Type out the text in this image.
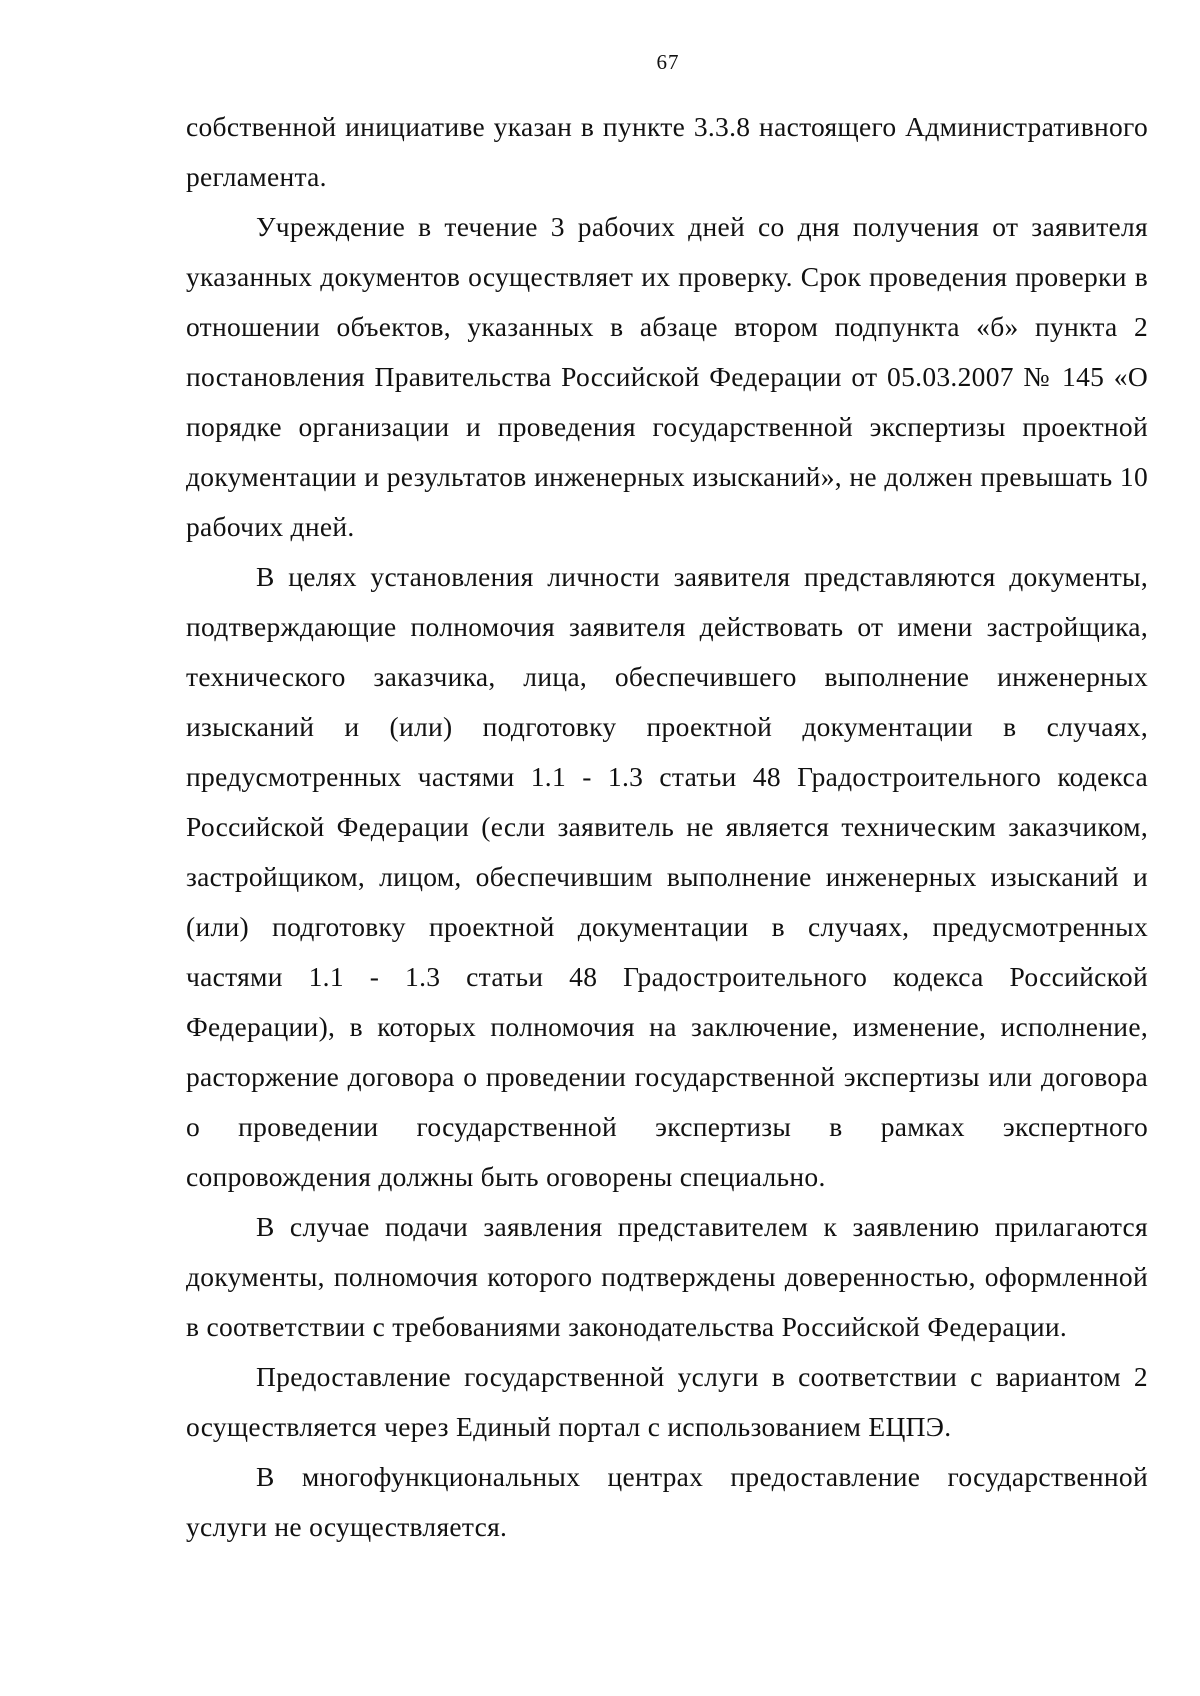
67

собственной инициативе указан в пункте 3.3.8 настоящего Административного регламента.

Учреждение в течение 3 рабочих дней со дня получения от заявителя указанных документов осуществляет их проверку. Срок проведения проверки в отношении объектов, указанных в абзаце втором подпункта «б» пункта 2 постановления Правительства Российской Федерации от 05.03.2007 № 145 «О порядке организации и проведения государственной экспертизы проектной документации и результатов инженерных изысканий», не должен превышать 10 рабочих дней.

В целях установления личности заявителя представляются документы, подтверждающие полномочия заявителя действовать от имени застройщика, технического заказчика, лица, обеспечившего выполнение инженерных изысканий и (или) подготовку проектной документации в случаях, предусмотренных частями 1.1 - 1.3 статьи 48 Градостроительного кодекса Российской Федерации (если заявитель не является техническим заказчиком, застройщиком, лицом, обеспечившим выполнение инженерных изысканий и (или) подготовку проектной документации в случаях, предусмотренных частями 1.1 - 1.3 статьи 48 Градостроительного кодекса Российской Федерации), в которых полномочия на заключение, изменение, исполнение, расторжение договора о проведении государственной экспертизы или договора о проведении государственной экспертизы в рамках экспертного сопровождения должны быть оговорены специально.

В случае подачи заявления представителем к заявлению прилагаются документы, полномочия которого подтверждены доверенностью, оформленной в соответствии с требованиями законодательства Российской Федерации.

Предоставление государственной услуги в соответствии с вариантом 2 осуществляется через Единый портал с использованием ЕЦПЭ.

В многофункциональных центрах предоставление государственной услуги не осуществляется.
